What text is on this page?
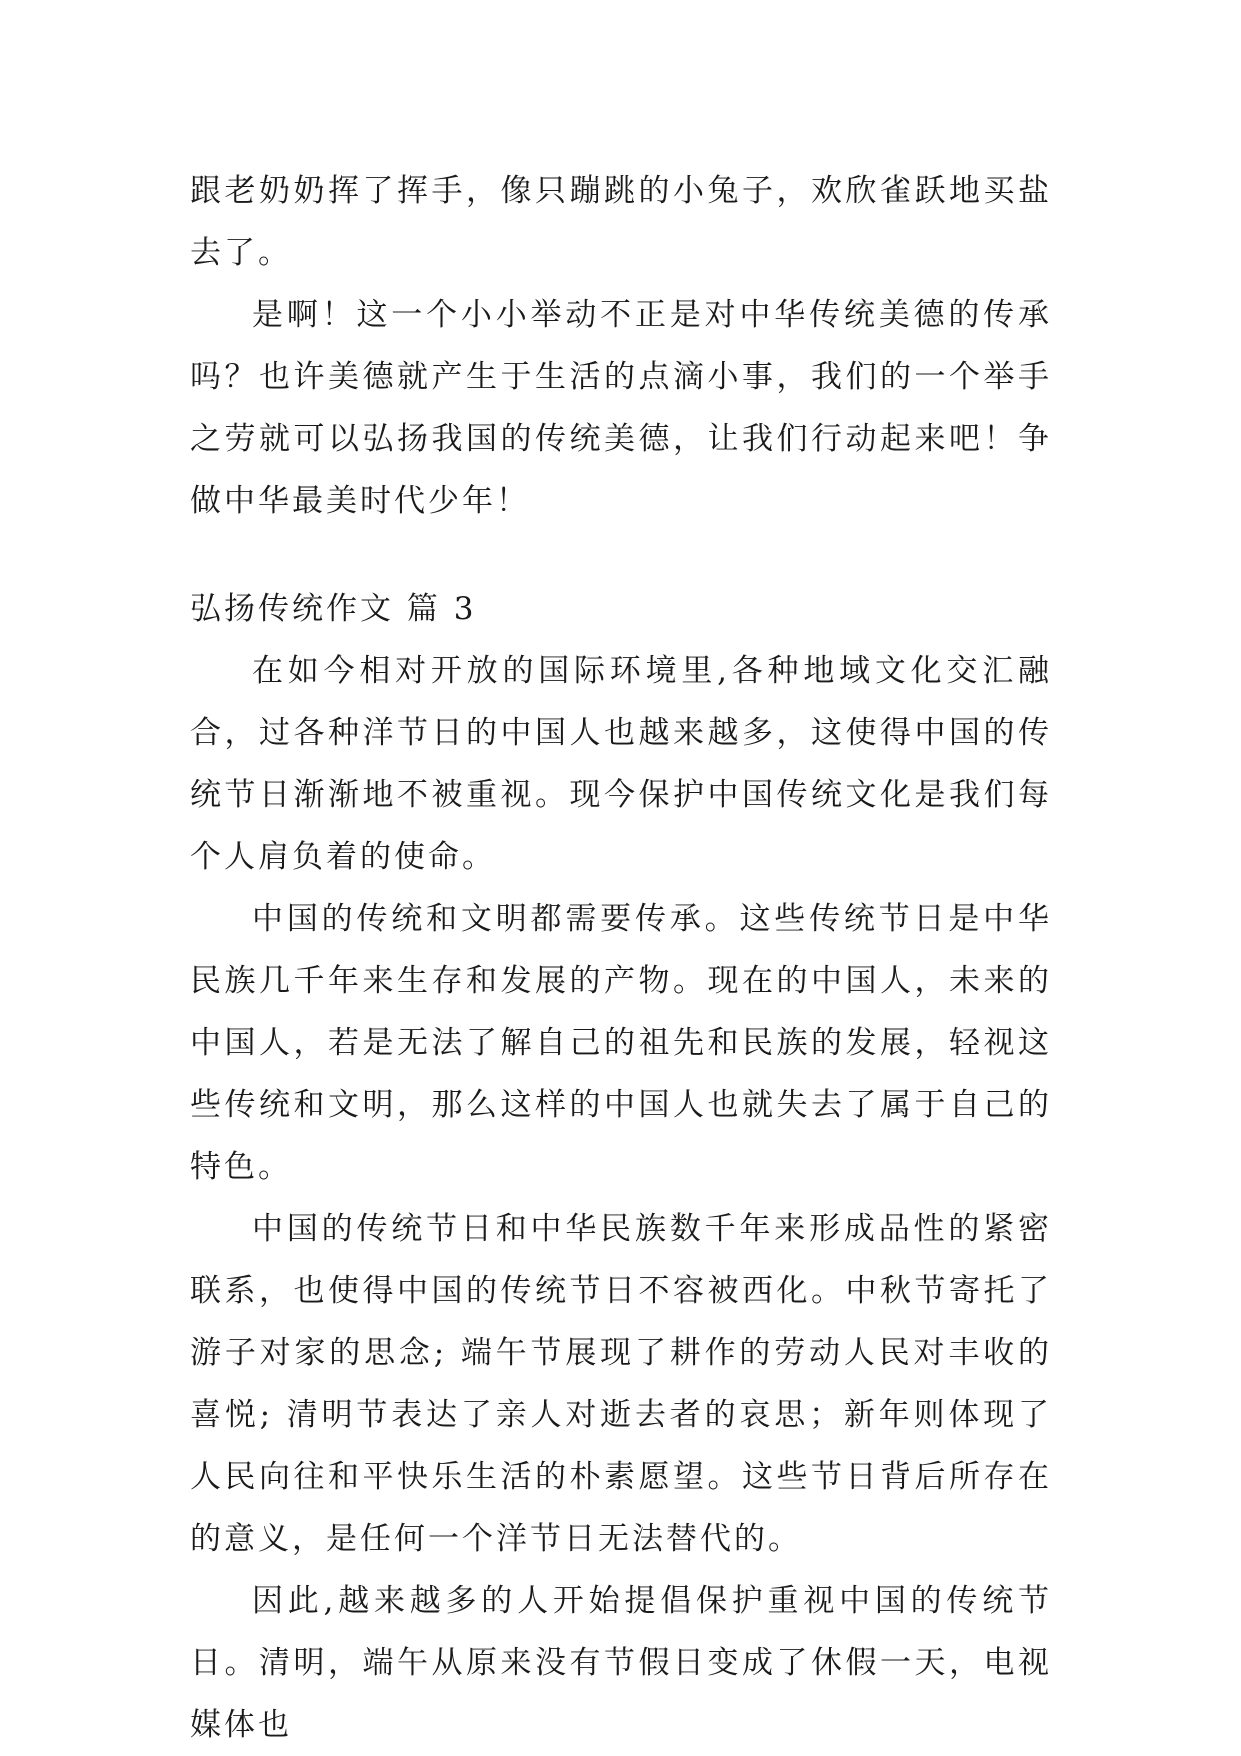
跟老奶奶挥了挥手，像只蹦跳的小兔子，欢欣雀跃地买盐去了。

是啊！这一个小小举动不正是对中华传统美德的传承吗？也许美德就产生于生活的点滴小事，我们的一个举手之劳就可以弘扬我国的传统美德，让我们行动起来吧！争做中华最美时代少年！

弘扬传统作文 篇 3

在如今相对开放的国际环境里,各种地域文化交汇融合，过各种洋节日的中国人也越来越多，这使得中国的传统节日渐渐地不被重视。现今保护中国传统文化是我们每个人肩负着的使命。

中国的传统和文明都需要传承。这些传统节日是中华民族几千年来生存和发展的产物。现在的中国人，未来的中国人，若是无法了解自己的祖先和民族的发展，轻视这些传统和文明，那么这样的中国人也就失去了属于自己的特色。

中国的传统节日和中华民族数千年来形成品性的紧密联系，也使得中国的传统节日不容被西化。中秋节寄托了游子对家的思念; 端午节展现了耕作的劳动人民对丰收的喜悦; 清明节表达了亲人对逝去者的哀思；新年则体现了人民向往和平快乐生活的朴素愿望。这些节日背后所存在的意义，是任何一个洋节日无法替代的。

因此,越来越多的人开始提倡保护重视中国的传统节日。清明，端午从原来没有节假日变成了休假一天，电视媒体也
